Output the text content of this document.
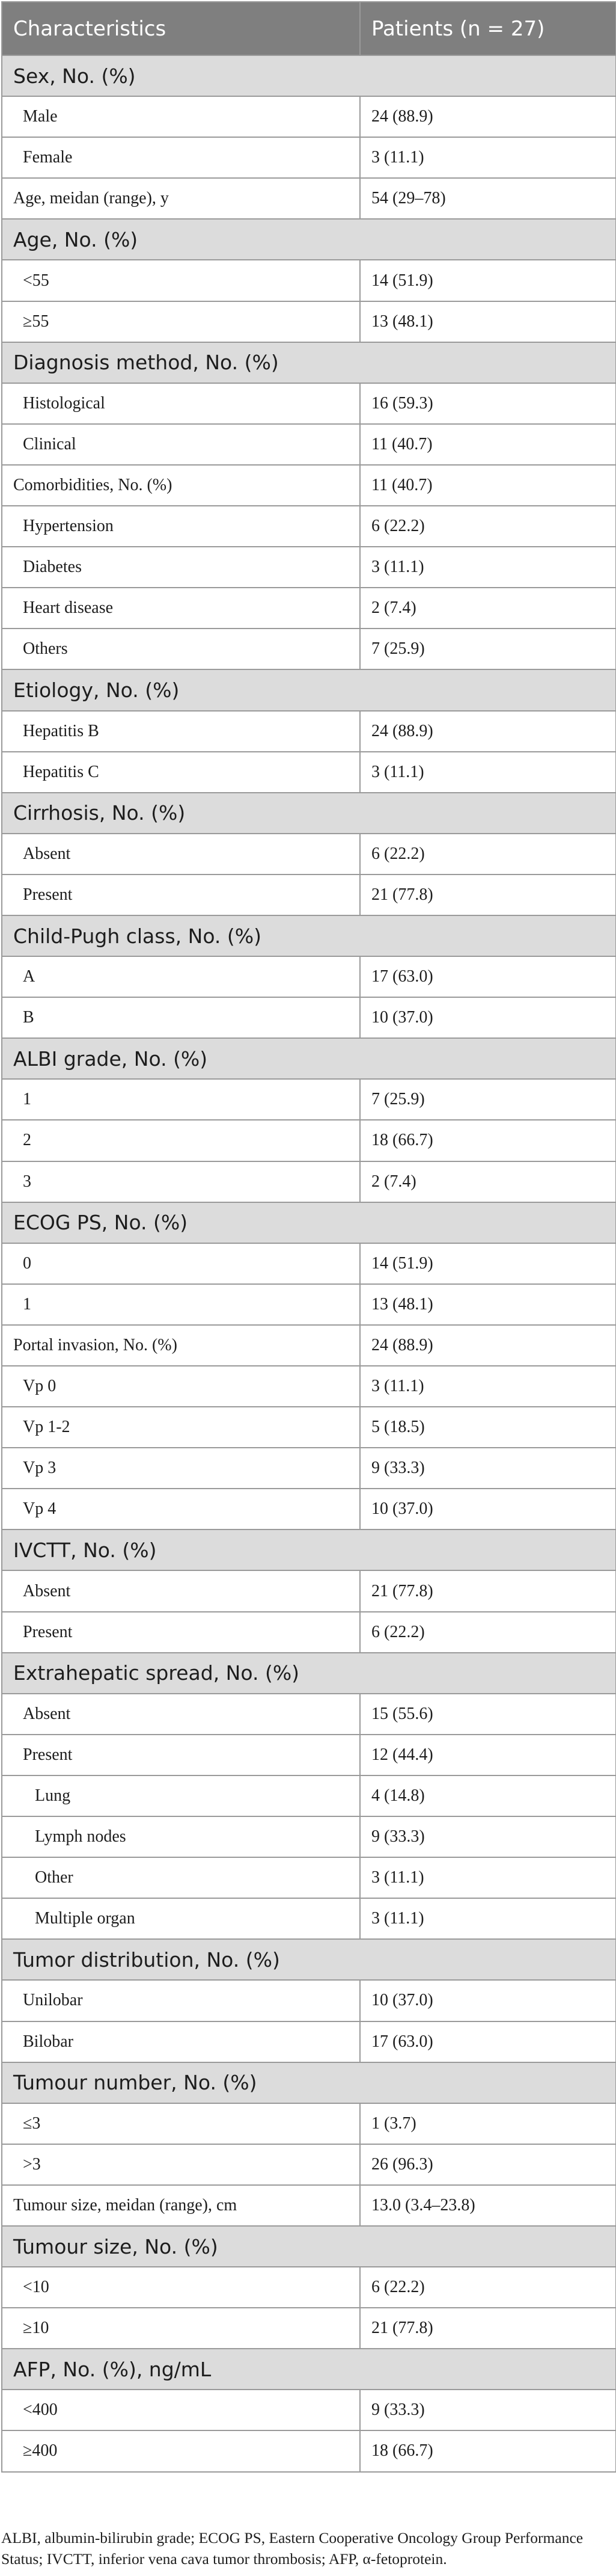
Characteristics	Patients (n = 27)
Sex, No. (%)	
Male	24 (88.9)
Female	3 (11.1)
Age, meidan (range), y	54 (29–78)
Age, No. (%)	
<55	14 (51.9)
≥55	13 (48.1)
Diagnosis method, No. (%)	
Histological	16 (59.3)
Clinical	11 (40.7)
Comorbidities, No. (%)	11 (40.7)
Hypertension	6 (22.2)
Diabetes	3 (11.1)
Heart disease	2 (7.4)
Others	7 (25.9)
Etiology, No. (%)	
Hepatitis B	24 (88.9)
Hepatitis C	3 (11.1)
Cirrhosis, No. (%)	
Absent	6 (22.2)
Present	21 (77.8)
Child-Pugh class, No. (%)	
A	17 (63.0)
B	10 (37.0)
ALBI grade, No. (%)	
1	7 (25.9)
2	18 (66.7)
3	2 (7.4)
ECOG PS, No. (%)	
0	14 (51.9)
1	13 (48.1)
Portal invasion, No. (%)	24 (88.9)
Vp 0	3 (11.1)
Vp 1-2	5 (18.5)
Vp 3	9 (33.3)
Vp 4	10 (37.0)
IVCTT, No. (%)	
Absent	21 (77.8)
Present	6 (22.2)
Extrahepatic spread, No. (%)	
Absent	15 (55.6)
Present	12 (44.4)
Lung	4 (14.8)
Lymph nodes	9 (33.3)
Other	3 (11.1)
Multiple organ	3 (11.1)
Tumor distribution, No. (%)	
Unilobar	10 (37.0)
Bilobar	17 (63.0)
Tumour number, No. (%)	
≤3	1 (3.7)
>3	26 (96.3)
Tumour size, meidan (range), cm	13.0 (3.4–23.8)
Tumour size, No. (%)	
<10	6 (22.2)
≥10	21 (77.8)
AFP, No. (%), ng/mL	
<400	9 (33.3)
≥400	18 (66.7)
ALBI, albumin-bilirubin grade; ECOG PS, Eastern Cooperative Oncology Group Performance Status; IVCTT, inferior vena cava tumor thrombosis; AFP, α-fetoprotein.
